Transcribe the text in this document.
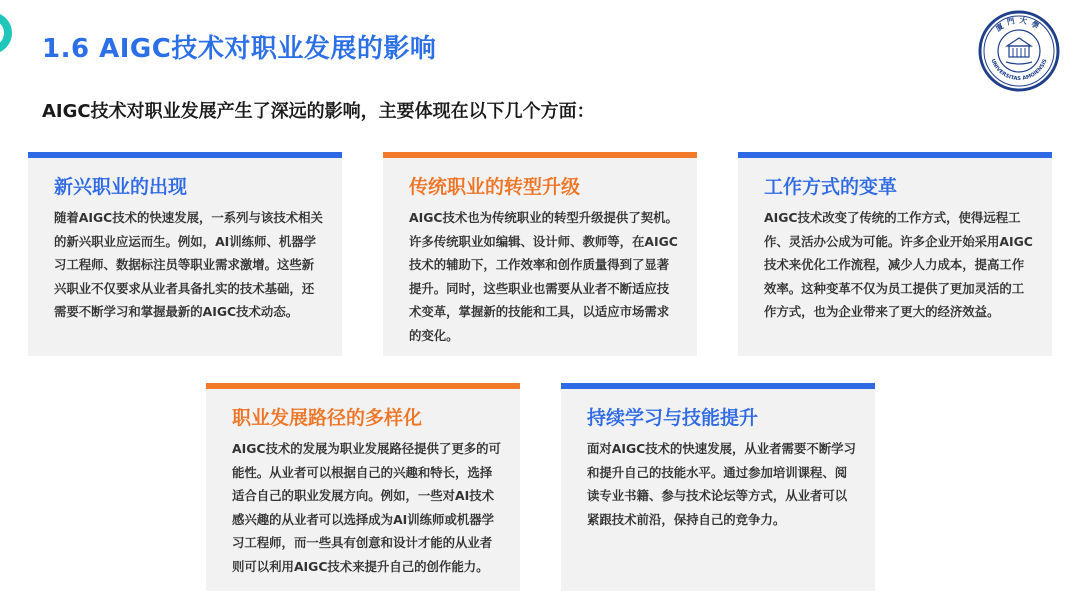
1.6 AIGC技术对职业发展的影响
廈門大學
UNIVERSITAS AMOIENSIS
AIGC技术对职业发展产生了深远的影响，主要体现在以下几个方面：
新兴职业的出现
随着AIGC技术的快速发展，一系列与该技术相关的新兴职业应运而生。例如，AI训练师、机器学习工程师、数据标注员等职业需求激增。这些新兴职业不仅要求从业者具备扎实的技术基础，还需要不断学习和掌握最新的AIGC技术动态。
传统职业的转型升级
AIGC技术也为传统职业的转型升级提供了契机。许多传统职业如编辑、设计师、教师等，在AIGC技术的辅助下，工作效率和创作质量得到了显著提升。同时，这些职业也需要从业者不断适应技术变革，掌握新的技能和工具，以适应市场需求的变化。
工作方式的变革
AIGC技术改变了传统的工作方式，使得远程工作、灵活办公成为可能。许多企业开始采用AIGC技术来优化工作流程，减少人力成本，提高工作效率。这种变革不仅为员工提供了更加灵活的工作方式，也为企业带来了更大的经济效益。
职业发展路径的多样化
AIGC技术的发展为职业发展路径提供了更多的可能性。从业者可以根据自己的兴趣和特长，选择适合自己的职业发展方向。例如，一些对AI技术感兴趣的从业者可以选择成为AI训练师或机器学习工程师，而一些具有创意和设计才能的从业者则可以利用AIGC技术来提升自己的创作能力。
持续学习与技能提升
面对AIGC技术的快速发展，从业者需要不断学习和提升自己的技能水平。通过参加培训课程、阅读专业书籍、参与技术论坛等方式，从业者可以紧跟技术前沿，保持自己的竞争力。
